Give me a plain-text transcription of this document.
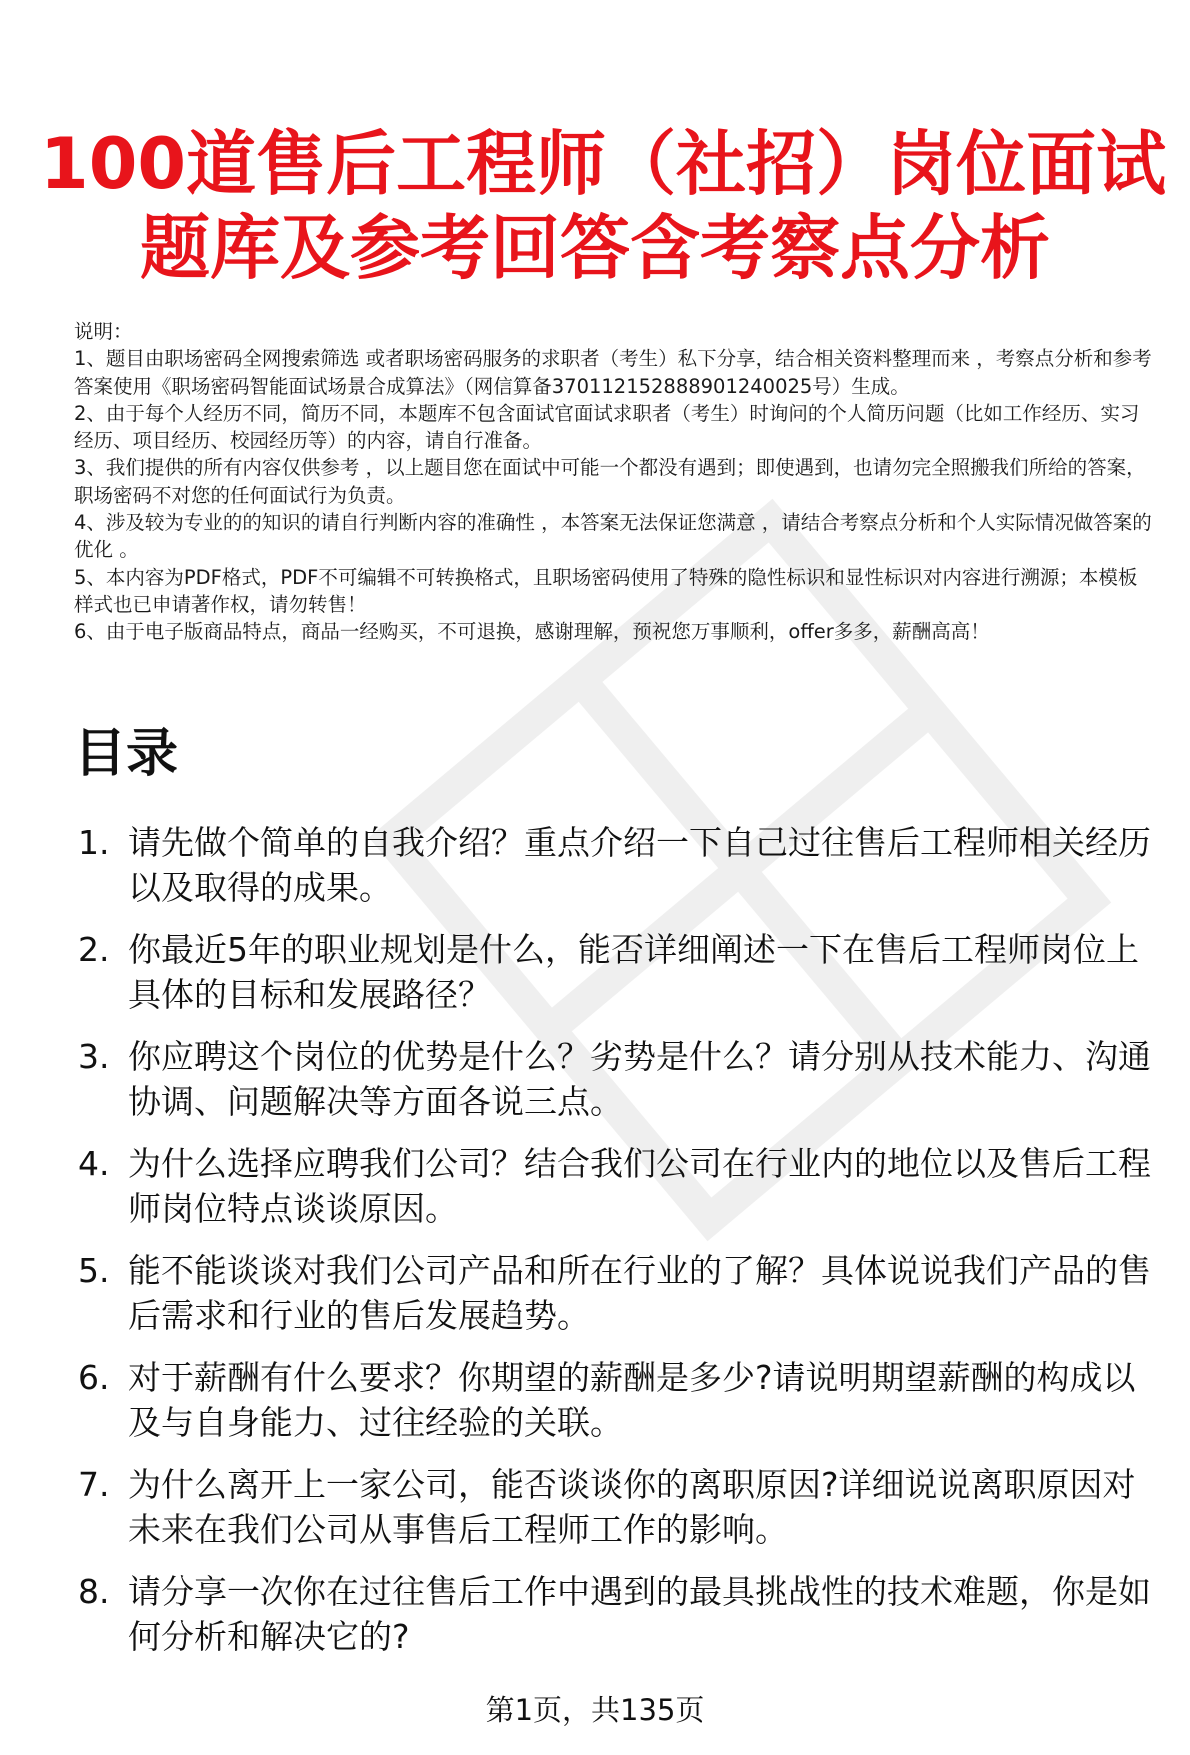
100道售后工程师（社招）岗位面试
题库及参考回答含考察点分析

说明：

1、题目由职场密码全网搜索筛选 或者职场密码服务的求职者（考生）私下分享，结合相关资料整理而来 ，考察点分析和参考答案使用《职场密码智能面试场景合成算法》（网信算备370112152888901240025号）生成。

2、由于每个人经历不同，简历不同，本题库不包含面试官面试求职者（考生）时询问的个人简历问题（比如工作经历、实习经历、项目经历、校园经历等）的内容，请自行准备。

3、我们提供的所有内容仅供参考 ，以上题目您在面试中可能一个都没有遇到；即使遇到，也请勿完全照搬我们所给的答案，职场密码不对您的任何面试行为负责。

4、涉及较为专业的的知识的请自行判断内容的准确性 ，本答案无法保证您满意 ，请结合考察点分析和个人实际情况做答案的优化 。

5、本内容为PDF格式，PDF不可编辑不可转换格式，且职场密码使用了特殊的隐性标识和显性标识对内容进行溯源；本模板样式也已申请著作权，请勿转售！

6、由于电子版商品特点，商品一经购买，不可退换，感谢理解，预祝您万事顺利，offer多多，薪酬高高！

目录
1. 请先做个简单的自我介绍？重点介绍一下自己过往售后工程师相关经历以及取得的成果。
2. 你最近5年的职业规划是什么，能否详细阐述一下在售后工程师岗位上具体的目标和发展路径？
3. 你应聘这个岗位的优势是什么？劣势是什么？请分别从技术能力、沟通协调、问题解决等方面各说三点。
4. 为什么选择应聘我们公司？结合我们公司在行业内的地位以及售后工程师岗位特点谈谈原因。
5. 能不能谈谈对我们公司产品和所在行业的了解？具体说说我们产品的售后需求和行业的售后发展趋势。
6. 对于薪酬有什么要求？你期望的薪酬是多少?请说明期望薪酬的构成以及与自身能力、过往经验的关联。
7. 为什么离开上一家公司，能否谈谈你的离职原因?详细说说离职原因对未来在我们公司从事售后工程师工作的影响。
8. 请分享一次你在过往售后工作中遇到的最具挑战性的技术难题，你是如何分析和解决它的?
第1页，共135页
